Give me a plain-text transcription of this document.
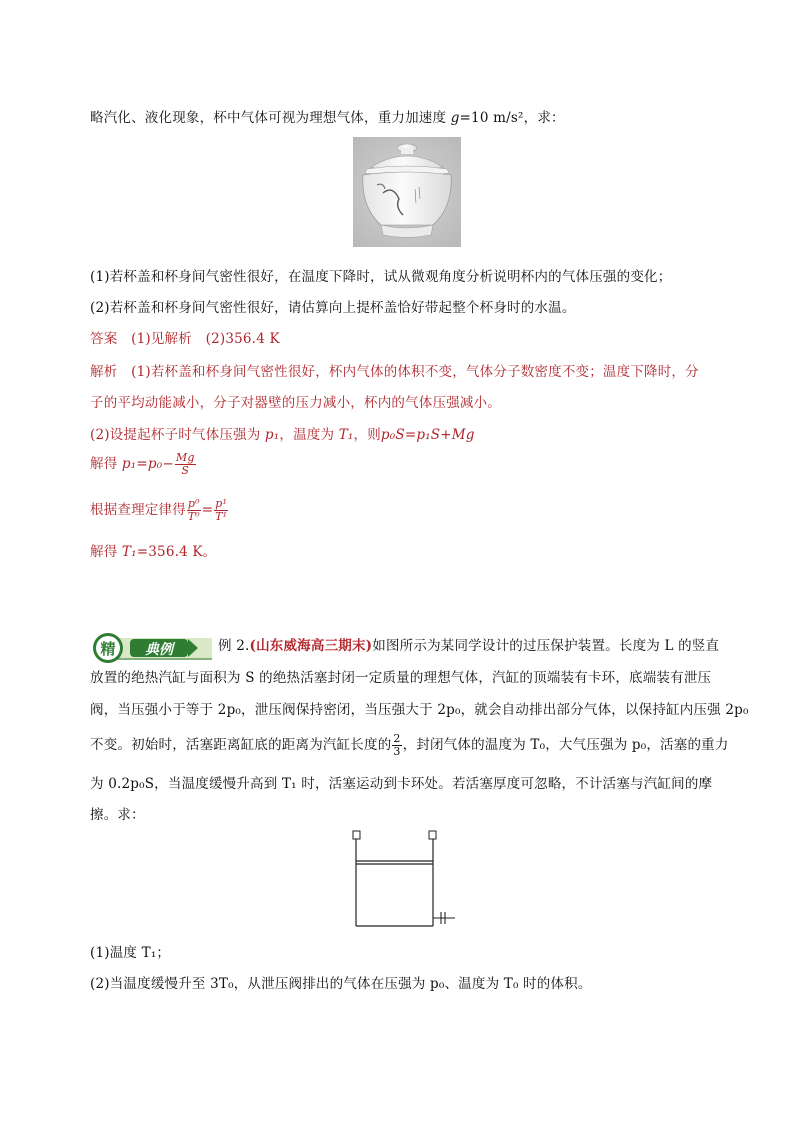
略汽化、液化现象，杯中气体可视为理想气体，重力加速度 g=10 m/s²，求：
(1)若杯盖和杯身间气密性很好，在温度下降时，试从微观角度分析说明杯内的气体压强的变化；
(2)若杯盖和杯身间气密性很好，请估算向上提杯盖恰好带起整个杯身时的水温。
答案　 (1)见解析　(2)356.4 K
解析　 (1)若杯盖和杯身间气密性很好，杯内气体的体积不变，气体分子数密度不变；温度下降时，分
子的平均动能减小，分子对器壁的压力减小，杯内的气体压强减小。
(2)设提起杯子时气体压强为 p₁，温度为 T₁，则p₀S=p₁S+Mg
解得 $p_1=p_0- \frac{Mg}{S}$
根据查理定律得 $\frac{\text{p⁰}}{\text{T⁰}} = \frac{\text{p¹}}{\text{T¹}}$
解得 T₁=356.4 K。
精 典例	例 2.(山东威海高三期末)如图所示为某同学设计的过压保护装置。长度为 L 的竖直
放置的绝热汽缸与面积为 S 的绝热活塞封闭一定质量的理想气体，汽缸的顶端装有卡环，底端装有泄压
阀，当压强小于等于 2p₀，泄压阀保持密闭，当压强大于 2p₀，就会自动排出部分气体，以保持缸内压强 2p₀
不变。初始时，活塞距离缸底的距离为汽缸长度的 $\frac{2}{3}$ ，封闭气体的温度为 T₀，大气压强为 p₀，活塞的重力
为 0.2p₀S，当温度缓慢升高到 T₁ 时，活塞运动到卡环处。若活塞厚度可忽略，不计活塞与汽缸间的摩
擦。求：
(1)温度 T₁；
(2)当温度缓慢升至 3T₀，从泄压阀排出的气体在压强为 p₀、温度为 T₀ 时的体积。
